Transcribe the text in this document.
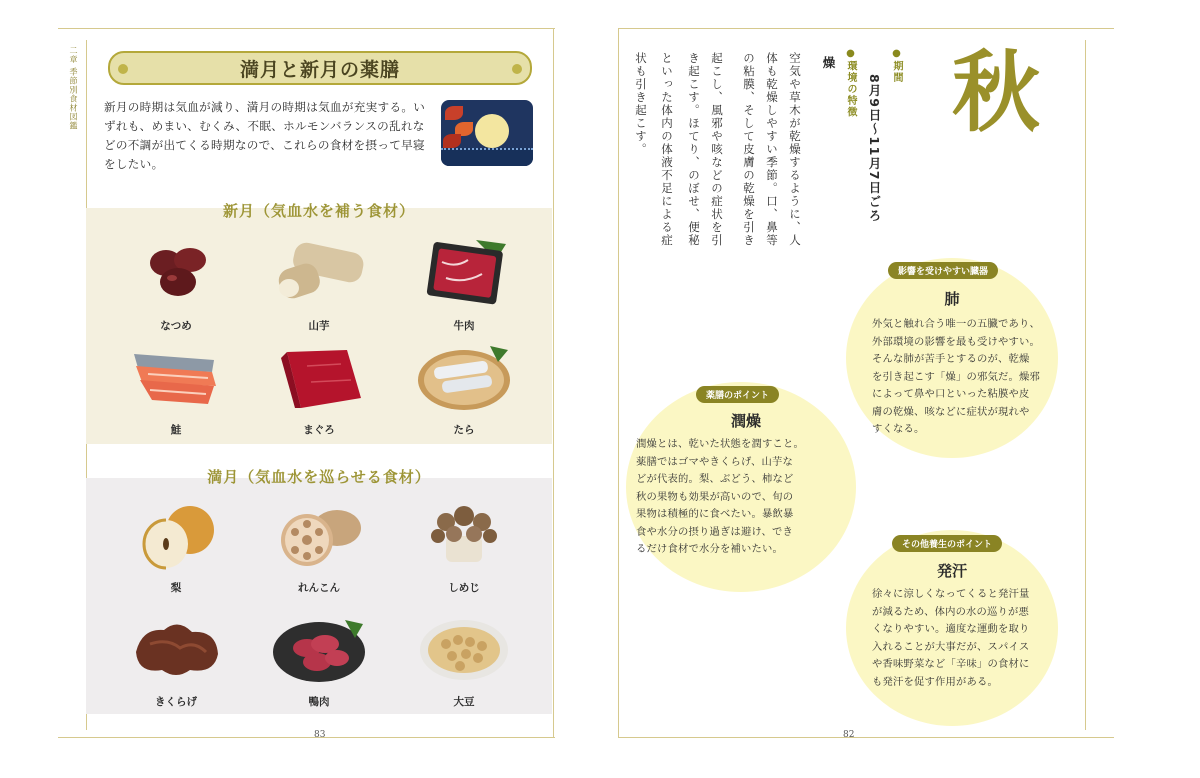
二章 季節別食材図鑑	満月と新月の薬膳
新月の時期は気血が減り、満月の時期は気血が充実する。いずれも、めまい、むくみ、不眠、ホルモンバランスの乱れなどの不調が出てくる時期なので、これらの食材を摂って早寝をしたい。
新月（気血水を補う食材）
なつめ	山芋	牛肉
鮭	まぐろ	たら
満月（気血水を巡らせる食材）
梨	れんこん	しめじ
きくらげ	鴨肉	大豆
83
秋
●期間
8月9日〜11月7日ごろ
●環境の特徴
燥
空気や草木が乾燥するように、人
体も乾燥しやすい季節。口、鼻等
の粘膜、そして皮膚の乾燥を引き
起こし、風邪や咳などの症状を引
き起こす。ほてり、のぼせ、便秘
といった体内の体液不足による症
状も引き起こす。
影響を受けやすい臓器
肺
外気と触れ合う唯一の五臓であり、
外部環境の影響を最も受けやすい。
そんな肺が苦手とするのが、乾燥
を引き起こす「燥」の邪気だ。燥邪
によって鼻や口といった粘膜や皮
膚の乾燥、咳などに症状が現れや
すくなる。
薬膳のポイント
潤燥
潤燥とは、乾いた状態を潤すこと。
薬膳ではゴマやきくらげ、山芋な
どが代表的。梨、ぶどう、柿など
秋の果物も効果が高いので、旬の
果物は積極的に食べたい。暴飲暴
食や水分の摂り過ぎは避け、でき
るだけ食材で水分を補いたい。	その他養生のポイント
発汗
徐々に涼しくなってくると発汗量
が減るため、体内の水の巡りが悪
くなりやすい。適度な運動を取り
入れることが大事だが、スパイス
や香味野菜など「辛味」の食材に
も発汗を促す作用がある。
82
